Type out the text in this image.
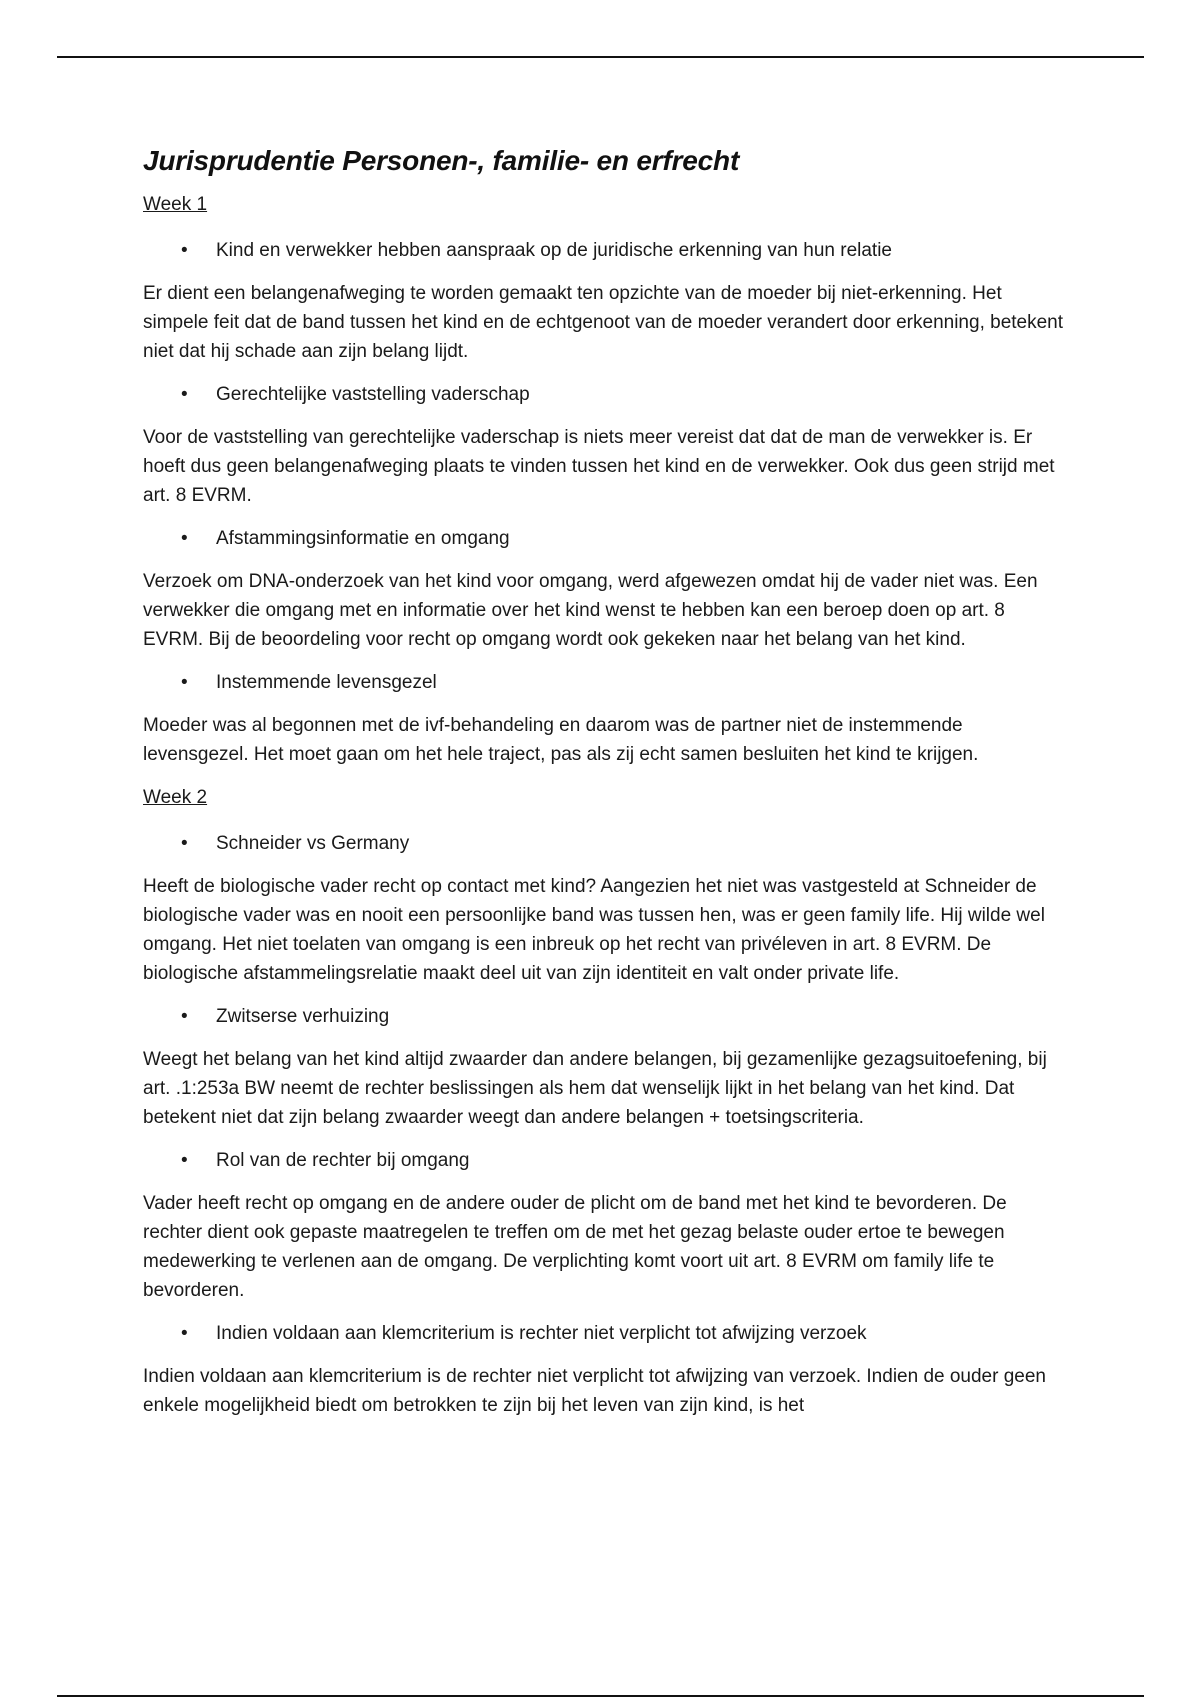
Jurisprudentie Personen-, familie- en erfrecht
Week 1
• Kind en verwekker hebben aanspraak op de juridische erkenning van hun relatie

Er dient een belangenafweging te worden gemaakt ten opzichte van de moeder bij niet-erkenning. Het simpele feit dat de band tussen het kind en de echtgenoot van de moeder verandert door erkenning, betekent niet dat hij schade aan zijn belang lijdt.

• Gerechtelijke vaststelling vaderschap

Voor de vaststelling van gerechtelijke vaderschap is niets meer vereist dat dat de man de verwekker is. Er hoeft dus geen belangenafweging plaats te vinden tussen het kind en de verwekker. Ook dus geen strijd met art. 8 EVRM.

• Afstammingsinformatie en omgang

Verzoek om DNA-onderzoek van het kind voor omgang, werd afgewezen omdat hij de vader niet was. Een verwekker die omgang met en informatie over het kind wenst te hebben kan een beroep doen op art. 8 EVRM. Bij de beoordeling voor recht op omgang wordt ook gekeken naar het belang van het kind.

• Instemmende levensgezel

Moeder was al begonnen met de ivf-behandeling en daarom was de partner niet de instemmende levensgezel. Het moet gaan om het hele traject, pas als zij echt samen besluiten het kind te krijgen.

Week 2
• Schneider vs Germany

Heeft de biologische vader recht op contact met kind? Aangezien het niet was vastgesteld at Schneider de biologische vader was en nooit een persoonlijke band was tussen hen, was er geen family life. Hij wilde wel omgang. Het niet toelaten van omgang is een inbreuk op het recht van privéleven in art. 8 EVRM. De biologische afstammelingsrelatie maakt deel uit van zijn identiteit en valt onder private life.

• Zwitserse verhuizing

Weegt het belang van het kind altijd zwaarder dan andere belangen, bij gezamenlijke gezagsuitoefening, bij art. .1:253a BW neemt de rechter beslissingen als hem dat wenselijk lijkt in het belang van het kind. Dat betekent niet dat zijn belang zwaarder weegt dan andere belangen + toetsingscriteria.

• Rol van de rechter bij omgang

Vader heeft recht op omgang en de andere ouder de plicht om de band met het kind te bevorderen. De rechter dient ook gepaste maatregelen te treffen om de met het gezag belaste ouder ertoe te bewegen medewerking te verlenen aan de omgang. De verplichting komt voort uit art. 8 EVRM om family life te bevorderen.

• Indien voldaan aan klemcriterium is rechter niet verplicht tot afwijzing verzoek

Indien voldaan aan klemcriterium is de rechter niet verplicht tot afwijzing van verzoek. Indien de ouder geen enkele mogelijkheid biedt om betrokken te zijn bij het leven van zijn kind, is het
